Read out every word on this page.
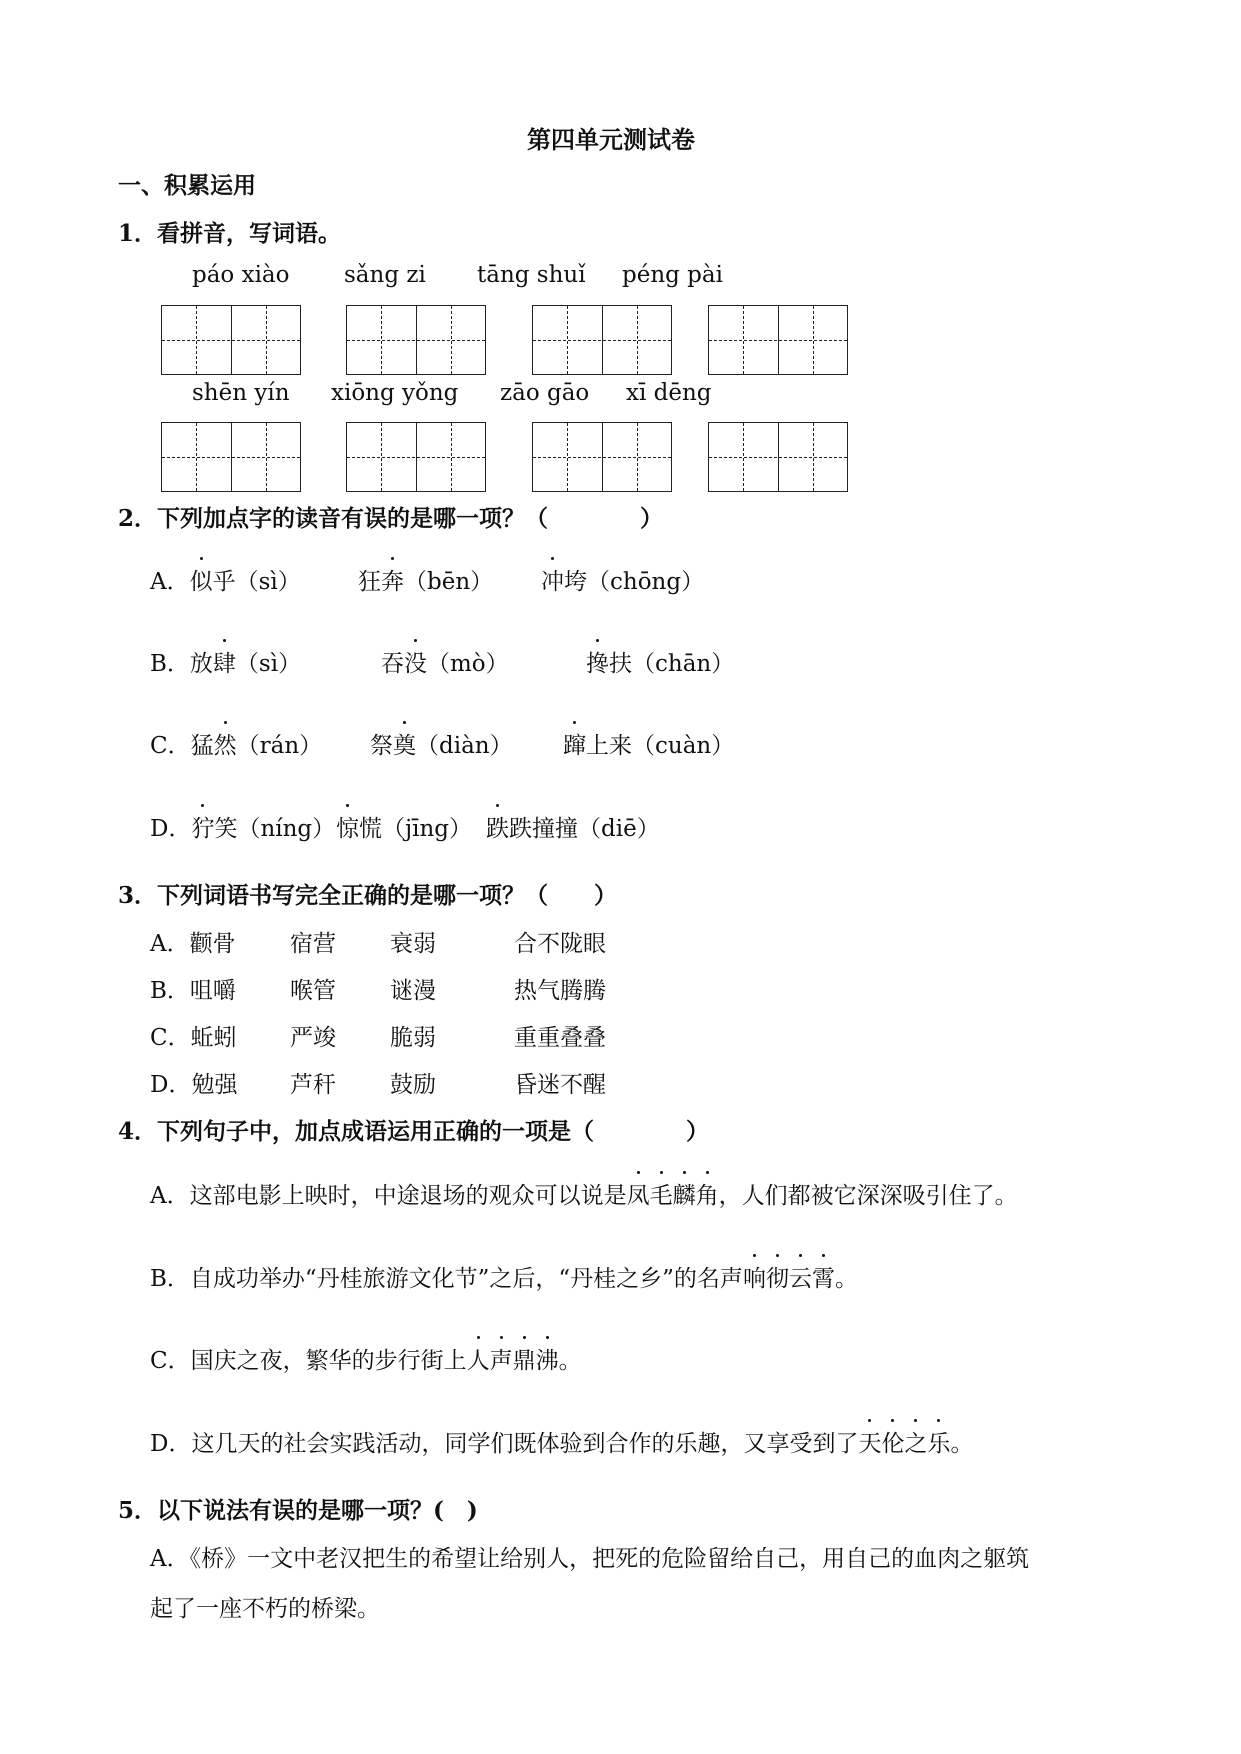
第四单元测试卷
一、积累运用
1．看拼音，写词语。
páo xiào sǎng zi tāng shuǐ péng pài
shēn yín xiōng yǒng zāo gāo xī dēng
2．下列加点字的读音有误的是哪一项？（　　　　）
A．似乎（sì） 狂奔（bēn） 冲垮（chōng）
B．放肆（sì）	吞没（mò）	搀扶（chān）
C．猛然（rán） 祭奠（diàn） 蹿上来（cuàn）
D．狞笑（níng） 惊慌（jīng） 跌跌撞撞（diē）
3．下列词语书写完全正确的是哪一项？（　　）
A．颧骨 宿营 衰弱	合不陇眼
B．咀嚼 喉管 谜漫	热气腾腾
C．蚯蚓 严竣 脆弱	重重叠叠
D．勉强 芦秆 鼓励	昏迷不醒
4．下列句子中，加点成语运用正确的一项是（　　　　）
A．这部电影上映时，中途退场的观众可以说是凤毛麟角，人们都被它深深吸引住了。
B．自成功举办“丹桂旅游文化节”之后，“丹桂之乡”的名声响彻云霄。
C．国庆之夜，繁华的步行街上人声鼎沸。
D．这几天的社会实践活动，同学们既体验到合作的乐趣，又享受到了天伦之乐。
5．以下说法有误的是哪一项？(　)
A．《桥》一文中老汉把生的希望让给别人，把死的危险留给自己，用自己的血肉之躯筑
起了一座不朽的桥梁。
